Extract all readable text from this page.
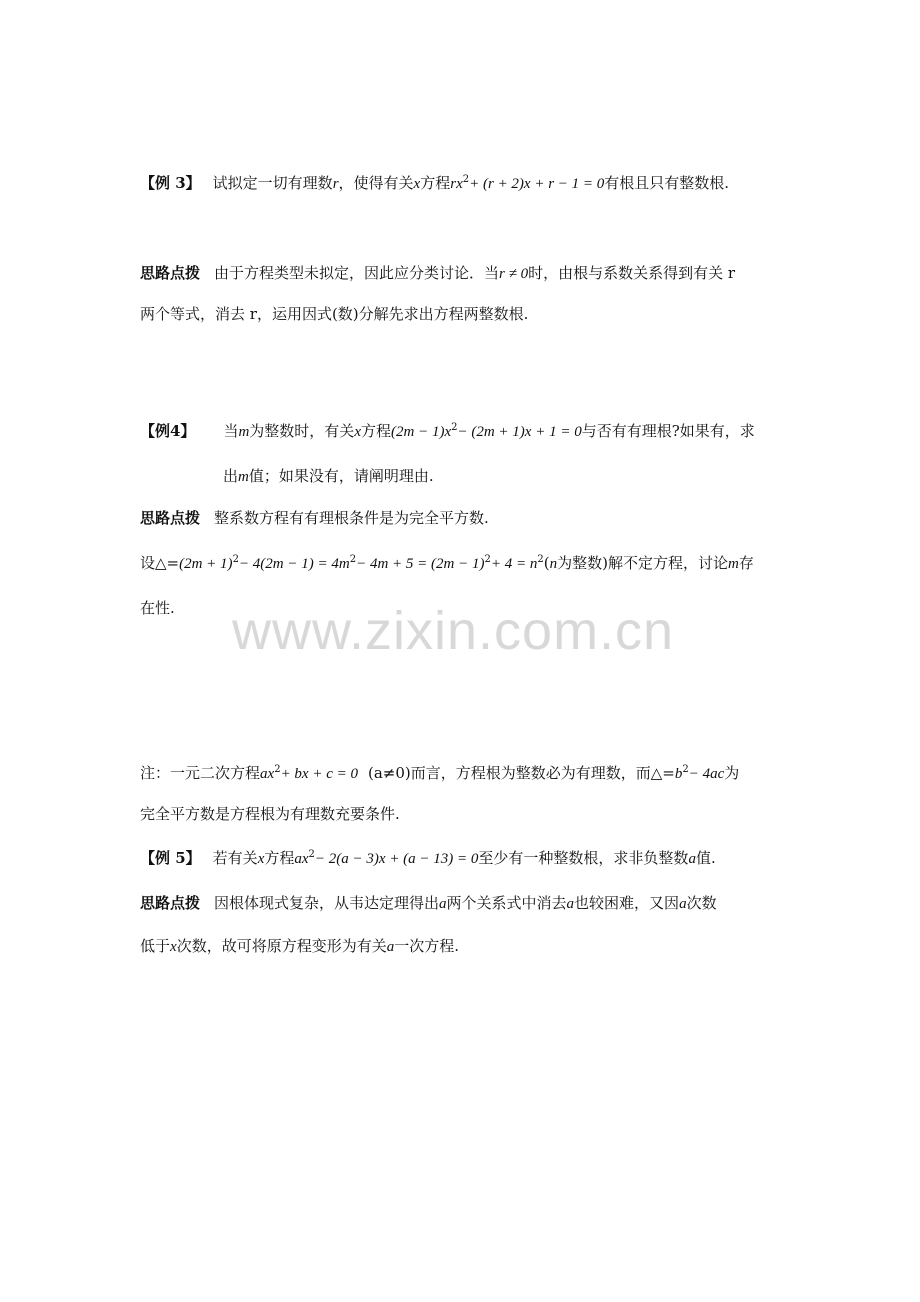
【例 3】 试拟定一切有理数r，使得有关x方程$rx^2+ (r + 2)x + r - 1 = 0$有根且只有整数根.
思路点拨 由于方程类型未拟定，因此应分类讨论．当r ≠ 0时，由根与系数关系得到有关 r
两个等式，消去 r，运用因式(数)分解先求出方程两整数根.
【例4】 当m为整数时，有关x方程$(2m - 1)x^2- (2m + 1)x + 1 = 0$与否有有理根?如果有，求
出m值；如果没有，请阐明理由.
思路点拨 整系数方程有有理根条件是为完全平方数.
设△=(2m + $1)^2- 4(2m - 1) = 4m^2- 4m + 5 = (2m - 1)^2+ 4 = n^2(n$为整数)解不定方程，讨论m存
在性. www.zixin.com.cn
注：一元二次方程$ax^2+$ bx + c = 0 (a≠0)而言，方程根为整数必为有理数，而$\triangle=b^2- 4ac$为
完全平方数是方程根为有理数充要条件.
【例 5】 若有关x方程$ax^2- 2(a - 3)x + (a - 13) = 0$至少有一种整数根，求非负整数a值.
思路点拨 因根体现式复杂，从韦达定理得出a两个关系式中消去a也较困难，又因a次数
低于x次数，故可将原方程变形为有关a一次方程.
